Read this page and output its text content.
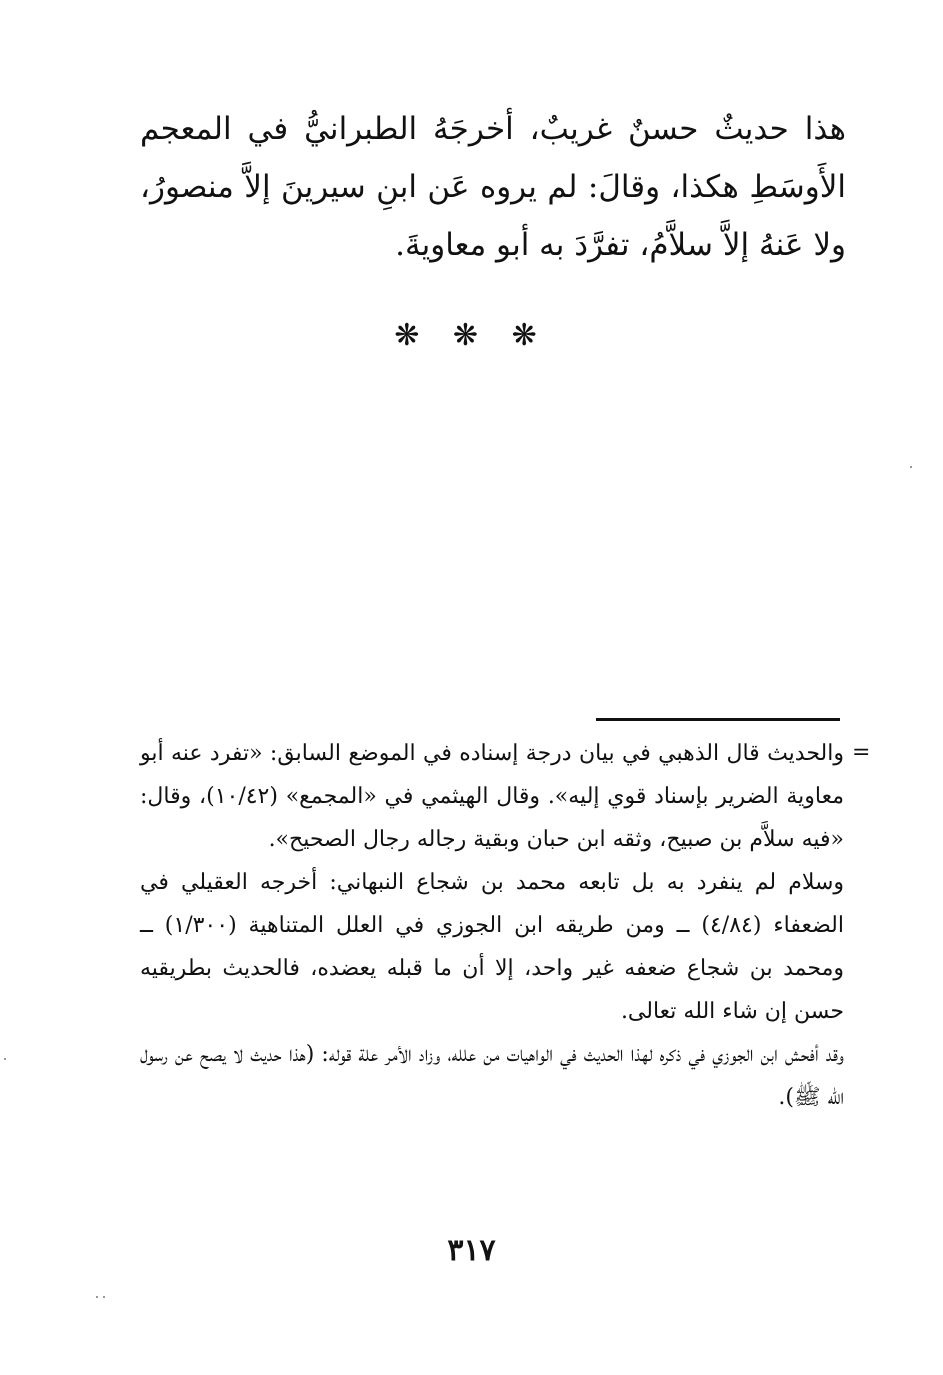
هذا حديثٌ حسنٌ غريبٌ، أخرجَهُ الطبرانيُّ في المعجم الأَوسَطِ هكذا، وقالَ: لم يروه عَن ابنِ سيرينَ إلاَّ منصورُ، ولا عَنهُ إلاَّ سلاَّمُ، تفرَّدَ به أبو معاويةَ.

❋ ❋ ❋
=

والحديث قال الذهبي في بيان درجة إسناده في الموضع السابق: «تفرد عنه أبو معاوية الضرير بإسناد قوي إليه». وقال الهيثمي في «المجمع» (١٠/٤٢)، وقال: «فيه سلاَّم بن صبيح، وثقه ابن حبان وبقية رجاله رجال الصحيح».

وسلام لم ينفرد به بل تابعه محمد بن شجاع النبهاني: أخرجه العقيلي في الضعفاء (٤/٨٤) ــ ومن طريقه ابن الجوزي في العلل المتناهية (١/٣٠٠) ــ ومحمد بن شجاع ضعفه غير واحد، إلا أن ما قبله يعضده، فالحديث بطريقيه حسن إن شاء الله تعالى.

وقد أفحش ابن الجوزي في ذكره لهذا الحديث في الواهيات من علله، وزاد الأمر علة قوله: (هذا حديث لا يصح عن رسول الله ﷺ).

٣١٧
